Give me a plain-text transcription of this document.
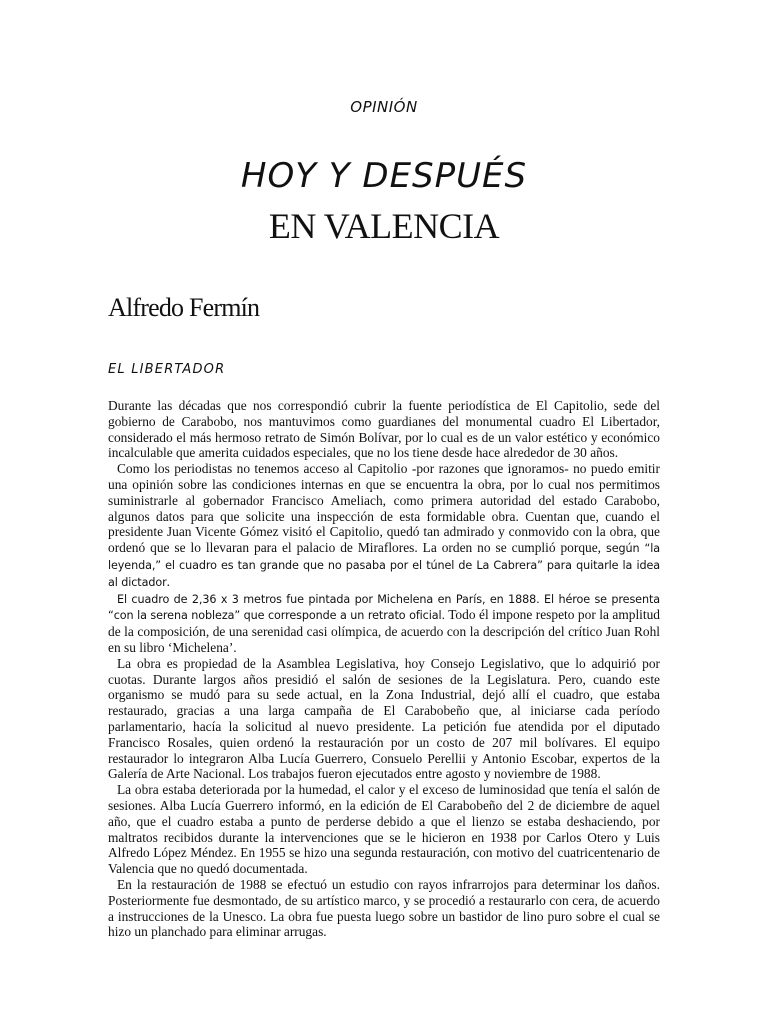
OPINIÓN
HOY Y DESPUÉS
EN VALENCIA
Alfredo Fermín
EL LIBERTADOR

Durante las décadas que nos correspondió cubrir la fuente periodística de El Capitolio, sede del gobierno de Carabobo, nos mantuvimos como guardianes del monumental cuadro El Libertador, considerado el más hermoso retrato de Simón Bolívar, por lo cual es de un valor estético y económico incalculable que amerita cuidados especiales, que no los tiene desde hace alrededor de 30 años.

Como los periodistas no tenemos acceso al Capitolio -por razones que ignoramos- no puedo emitir una opinión sobre las condiciones internas en que se encuentra la obra, por lo cual nos permitimos suministrarle al gobernador Francisco Ameliach, como primera autoridad del estado Carabobo, algunos datos para que solicite una inspección de esta formidable obra. Cuentan que, cuando el presidente Juan Vicente Gómez visitó el Capitolio, quedó tan admirado y conmovido con la obra, que ordenó que se lo llevaran para el palacio de Miraflores. La orden no se cumplió porque, según “la leyenda,” el cuadro es tan grande que no pasaba por el túnel de La Cabrera” para quitarle la idea al dictador.

El cuadro de 2,36 x 3 metros fue pintada por Michelena en París, en 1888. El héroe se presenta “con la serena nobleza” que corresponde a un retrato oficial. Todo él impone respeto por la amplitud de la composición, de una serenidad casi olímpica, de acuerdo con la descripción del crítico Juan Rohl en su libro ‘Michelena’.

La obra es propiedad de la Asamblea Legislativa, hoy Consejo Legislativo, que lo adquirió por cuotas. Durante largos años presidió el salón de sesiones de la Legislatura. Pero, cuando este organismo se mudó para su sede actual, en la Zona Industrial, dejó allí el cuadro, que estaba restaurado, gracias a una larga campaña de El Carabobeño que, al iniciarse cada período parlamentario, hacía la solicitud al nuevo presidente. La petición fue atendida por el diputado Francisco Rosales, quien ordenó la restauración por un costo de 207 mil bolívares. El equipo restaurador lo integraron Alba Lucía Guerrero, Consuelo Perellii y Antonio Escobar, expertos de la Galería de Arte Nacional. Los trabajos fueron ejecutados entre agosto y noviembre de 1988.

La obra estaba deteriorada por la humedad, el calor y el exceso de luminosidad que tenía el salón de sesiones. Alba Lucía Guerrero informó, en la edición de El Carabobeño del 2 de diciembre de aquel año, que el cuadro estaba a punto de perderse debido a que el lienzo se estaba deshaciendo, por maltratos recibidos durante la intervenciones que se le hicieron en 1938 por Carlos Otero y Luis Alfredo López Méndez. En 1955 se hizo una segunda restauración, con motivo del cuatricentenario de Valencia que no quedó documentada.

En la restauración de 1988 se efectuó un estudio con rayos infrarrojos para determinar los daños. Posteriormente fue desmontado, de su artístico marco, y se procedió a restaurarlo con cera, de acuerdo a instrucciones de la Unesco. La obra fue puesta luego sobre un bastidor de lino puro sobre el cual se hizo un planchado para eliminar arrugas.
